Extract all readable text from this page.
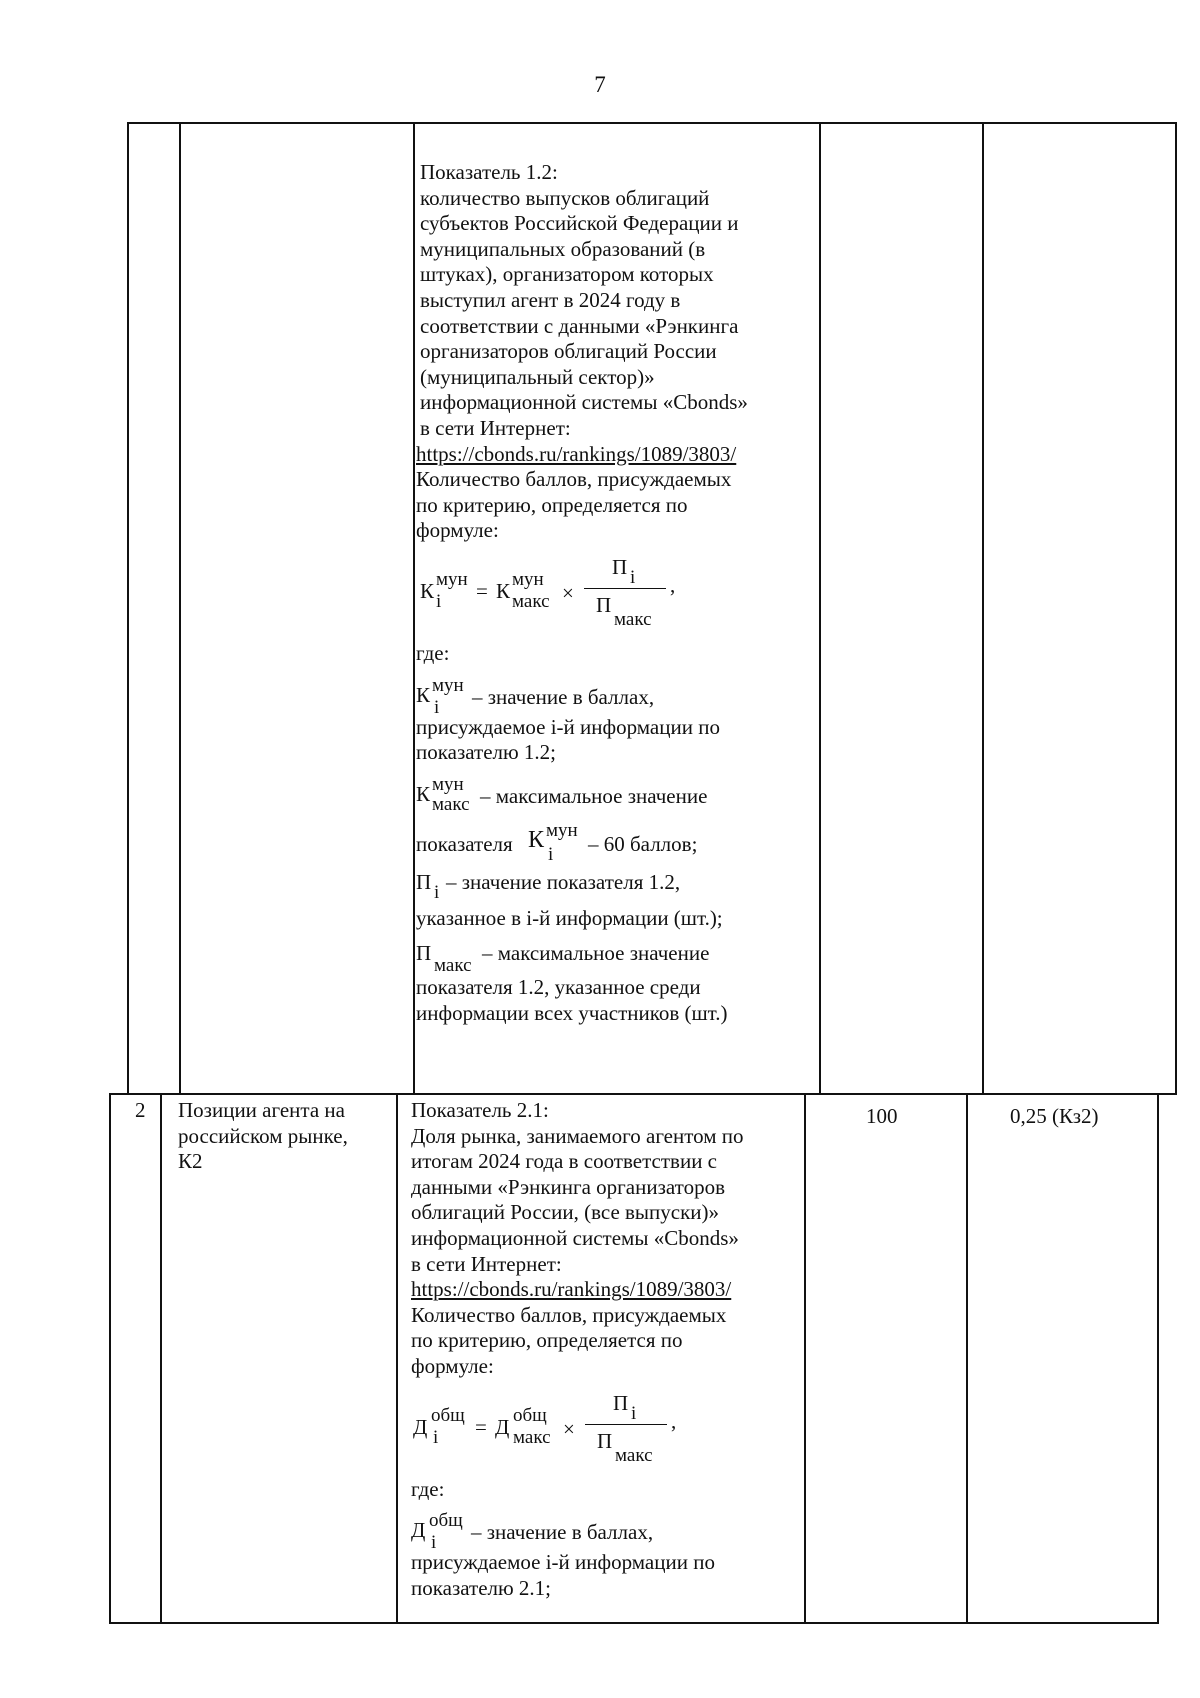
7
Показатель 1.2:
количество выпусков облигаций
субъектов Российской Федерации и
муниципальных образований (в
штуках), организатором которых
выступил агент в 2024 году в
соответствии с данными «Рэнкинга
организаторов облигаций России
(муниципальный сектор)»
информационной системы «Cbonds»
в сети Интернет:
https://cbonds.ru/rankings/1089/3803/
Количество баллов, присуждаемых
по критерию, определяется по
формуле:
К мун
i = К мун
макс ×
П i
П
макс
,
где:
К мун
i – значение в баллах,
присуждаемое i-й информации по
показателю 1.2;
К мун
макс – максимальное значение
показателя К мун
i – 60 баллов;
П i – значение показателя 1.2,
указанное в i-й информации (шт.);
П
макс
– максимальное значение
показателя 1.2, указанное среди
информации всех участников (шт.)
2 Позиции агента на
российском рынке,
К2
100	0,25 (Кз2)
Показатель 2.1:
Доля рынка, занимаемого агентом по
итогам 2024 года в соответствии с
данными «Рэнкинга организаторов
облигаций России, (все выпуски)»
информационной системы «Cbonds»
в сети Интернет:
https://cbonds.ru/rankings/1089/3803/
Количество баллов, присуждаемых
по критерию, определяется по
формуле:
Д общ
i = Д общ
макс ×
П i
П
макс
,
где:
Д общ
i – значение в баллах,
присуждаемое i-й информации по
показателю 2.1;
